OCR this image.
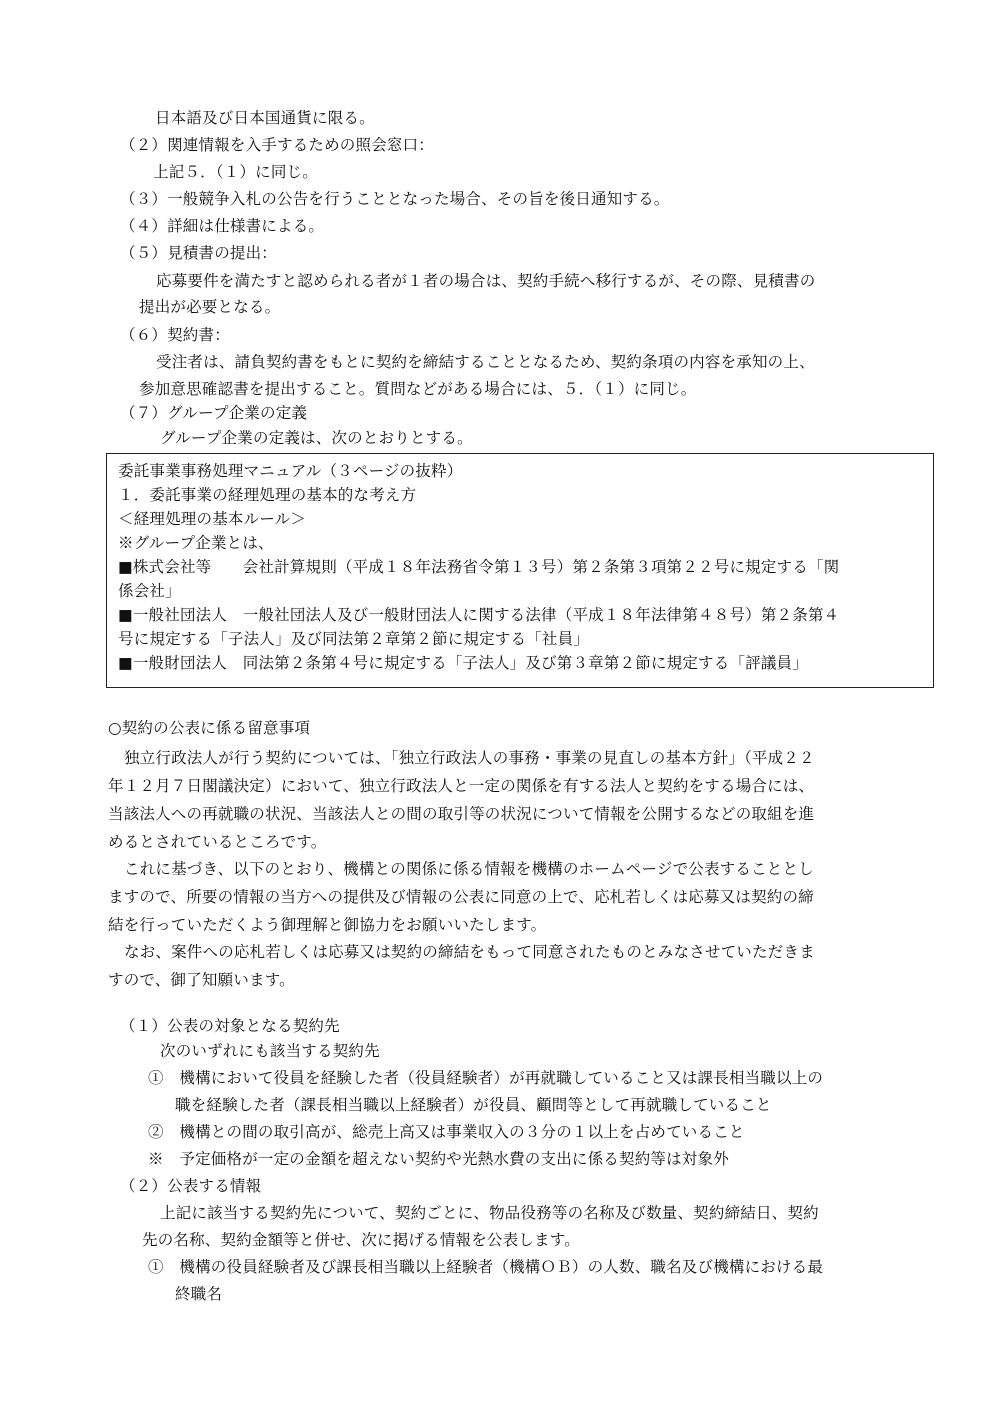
日本語及び日本国通貨に限る。
（２）関連情報を入手するための照会窓口：
上記５．（１）に同じ。
（３）一般競争入札の公告を行うこととなった場合、その旨を後日通知する。
（４）詳細は仕様書による。
（５）見積書の提出：
応募要件を満たすと認められる者が１者の場合は、契約手続へ移行するが、その際、見積書の
提出が必要となる。
（６）契約書：
受注者は、請負契約書をもとに契約を締結することとなるため、契約条項の内容を承知の上、
参加意思確認書を提出すること。質問などがある場合には、５．（１）に同じ。
（７）グループ企業の定義
グループ企業の定義は、次のとおりとする。
委託事業事務処理マニュアル（３ページの抜粋）
１．委託事業の経理処理の基本的な考え方
＜経理処理の基本ルール＞
※グループ企業とは、
■株式会社等　　会社計算規則（平成１８年法務省令第１３号）第２条第３項第２２号に規定する「関
係会社」
■一般社団法人　一般社団法人及び一般財団法人に関する法律（平成１８年法律第４８号）第２条第４
号に規定する「子法人」及び同法第２章第２節に規定する「社員」
■一般財団法人　同法第２条第４号に規定する「子法人」及び第３章第２節に規定する「評議員」
○契約の公表に係る留意事項
独立行政法人が行う契約については、「独立行政法人の事務・事業の見直しの基本方針」（平成２２
年１２月７日閣議決定）において、独立行政法人と一定の関係を有する法人と契約をする場合には、
当該法人への再就職の状況、当該法人との間の取引等の状況について情報を公開するなどの取組を進
めるとされているところです。
これに基づき、以下のとおり、機構との関係に係る情報を機構のホームページで公表することとし
ますので、所要の情報の当方への提供及び情報の公表に同意の上で、応札若しくは応募又は契約の締
結を行っていただくよう御理解と御協力をお願いいたします。
なお、案件への応札若しくは応募又は契約の締結をもって同意されたものとみなさせていただきま
すので、御了知願います。
（１）公表の対象となる契約先
次のいずれにも該当する契約先
①　機構において役員を経験した者（役員経験者）が再就職していること又は課長相当職以上の
職を経験した者（課長相当職以上経験者）が役員、顧問等として再就職していること
②　機構との間の取引高が、総売上高又は事業収入の３分の１以上を占めていること
※　予定価格が一定の金額を超えない契約や光熱水費の支出に係る契約等は対象外
（２）公表する情報
上記に該当する契約先について、契約ごとに、物品役務等の名称及び数量、契約締結日、契約
先の名称、契約金額等と併せ、次に掲げる情報を公表します。
①　機構の役員経験者及び課長相当職以上経験者（機構ＯＢ）の人数、職名及び機構における最
終職名
